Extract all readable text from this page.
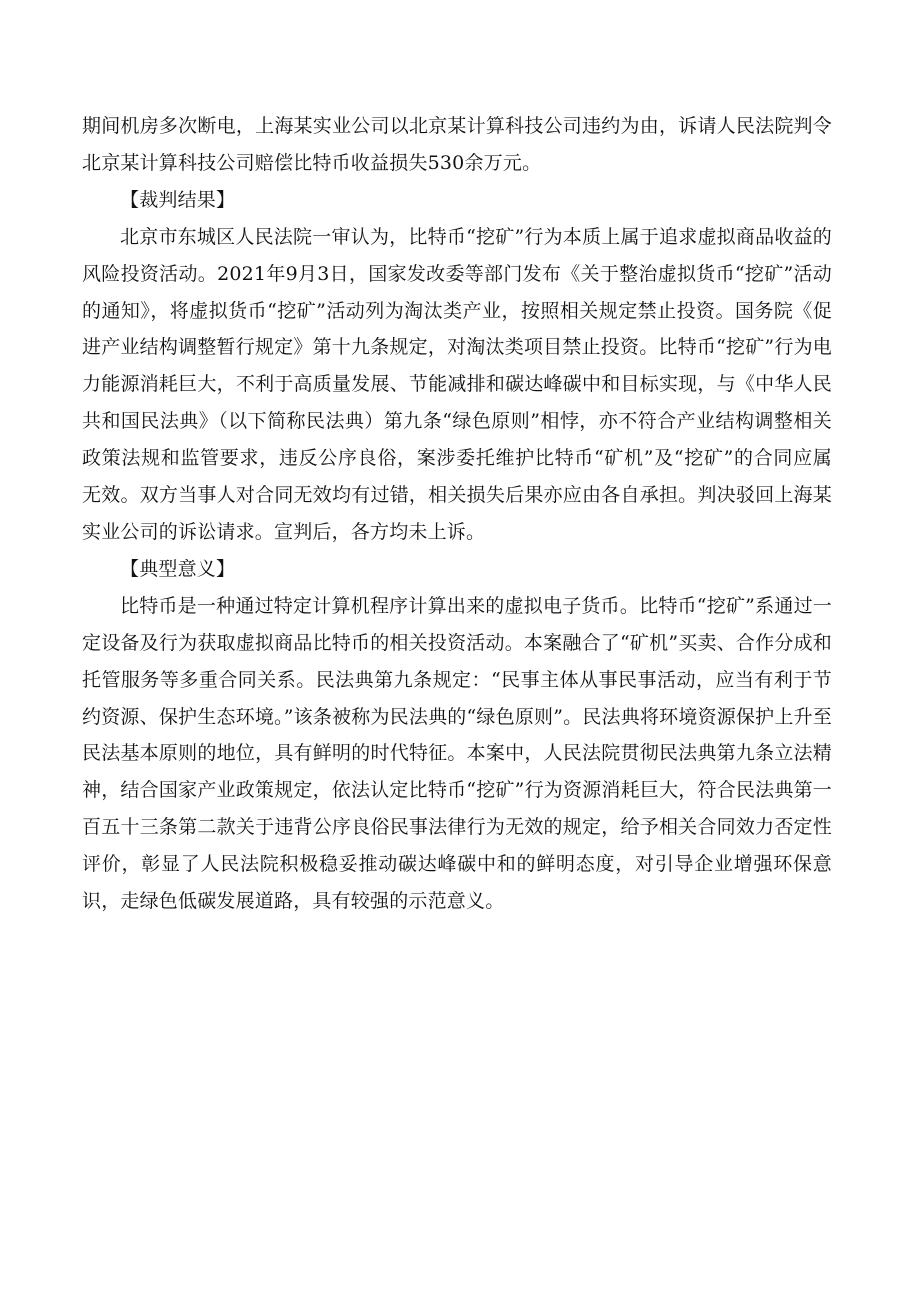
期间机房多次断电，上海某实业公司以北京某计算科技公司违约为由，诉请人民法院判令北京某计算科技公司赔偿比特币收益损失530余万元。

【裁判结果】

北京市东城区人民法院一审认为，比特币“挖矿”行为本质上属于追求虚拟商品收益的风险投资活动。2021年9月3日，国家发改委等部门发布《关于整治虚拟货币“挖矿”活动的通知》，将虚拟货币“挖矿”活动列为淘汰类产业，按照相关规定禁止投资。国务院《促进产业结构调整暂行规定》第十九条规定，对淘汰类项目禁止投资。比特币“挖矿”行为电力能源消耗巨大，不利于高质量发展、节能减排和碳达峰碳中和目标实现，与《中华人民共和国民法典》（以下简称民法典）第九条“绿色原则”相悖，亦不符合产业结构调整相关政策法规和监管要求，违反公序良俗，案涉委托维护比特币“矿机”及“挖矿”的合同应属无效。双方当事人对合同无效均有过错，相关损失后果亦应由各自承担。判决驳回上海某实业公司的诉讼请求。宣判后，各方均未上诉。

【典型意义】

比特币是一种通过特定计算机程序计算出来的虚拟电子货币。比特币“挖矿”系通过一定设备及行为获取虚拟商品比特币的相关投资活动。本案融合了“矿机”买卖、合作分成和托管服务等多重合同关系。民法典第九条规定：“民事主体从事民事活动，应当有利于节约资源、保护生态环境。”该条被称为民法典的“绿色原则”。民法典将环境资源保护上升至民法基本原则的地位，具有鲜明的时代特征。本案中，人民法院贯彻民法典第九条立法精神，结合国家产业政策规定，依法认定比特币“挖矿”行为资源消耗巨大，符合民法典第一百五十三条第二款关于违背公序良俗民事法律行为无效的规定，给予相关合同效力否定性评价，彰显了人民法院积极稳妥推动碳达峰碳中和的鲜明态度，对引导企业增强环保意识，走绿色低碳发展道路，具有较强的示范意义。
